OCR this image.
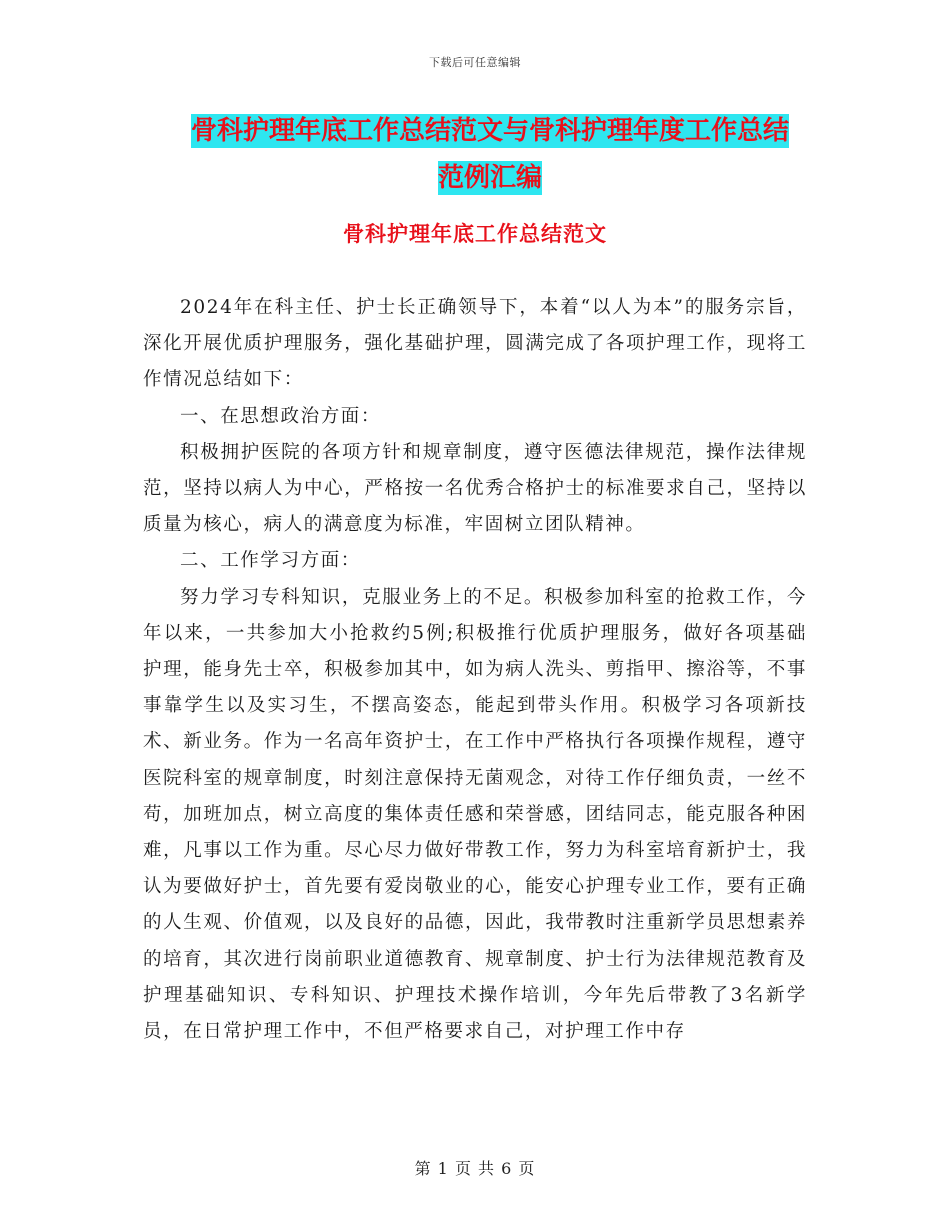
下载后可任意编辑
骨科护理年底工作总结范文与骨科护理年度工作总结
范例汇编
骨科护理年底工作总结范文

2024年在科主任、护士长正确领导下，本着“以人为本”的服务宗旨，深化开展优质护理服务，强化基础护理，圆满完成了各项护理工作，现将工作情况总结如下：

一、在思想政治方面：

积极拥护医院的各项方针和规章制度，遵守医德法律规范，操作法律规范，坚持以病人为中心，严格按一名优秀合格护士的标准要求自己，坚持以质量为核心，病人的满意度为标准，牢固树立团队精神。

二、工作学习方面：

努力学习专科知识，克服业务上的不足。积极参加科室的抢救工作，今年以来，一共参加大小抢救约5例;积极推行优质护理服务，做好各项基础护理，能身先士卒，积极参加其中，如为病人洗头、剪指甲、擦浴等，不事事靠学生以及实习生，不摆高姿态，能起到带头作用。积极学习各项新技术、新业务。作为一名高年资护士，在工作中严格执行各项操作规程，遵守医院科室的规章制度，时刻注意保持无菌观念，对待工作仔细负责，一丝不苟，加班加点，树立高度的集体责任感和荣誉感，团结同志，能克服各种困难，凡事以工作为重。尽心尽力做好带教工作，努力为科室培育新护士，我认为要做好护士，首先要有爱岗敬业的心，能安心护理专业工作，要有正确的人生观、价值观，以及良好的品德，因此，我带教时注重新学员思想素养的培育，其次进行岗前职业道德教育、规章制度、护士行为法律规范教育及护理基础知识、专科知识、护理技术操作培训，今年先后带教了3名新学员，在日常护理工作中，不但严格要求自己，对护理工作中存

第 1 页 共 6 页
